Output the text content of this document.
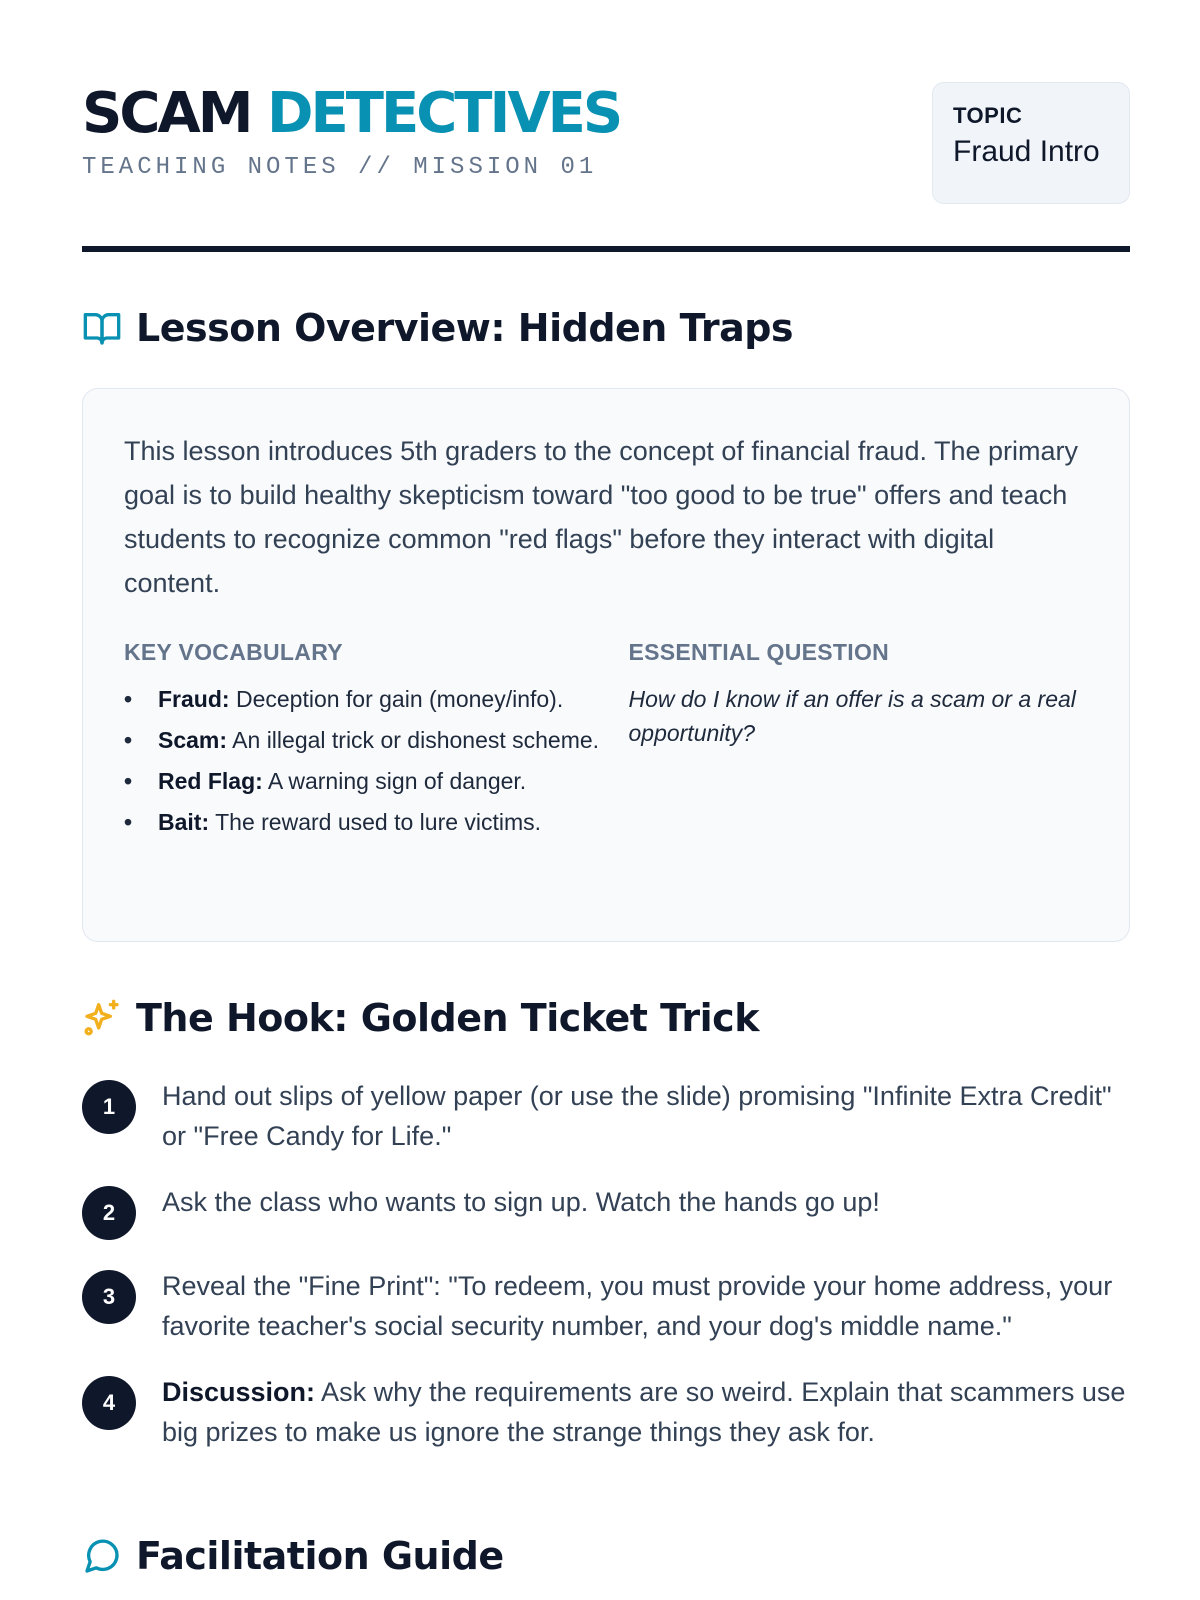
SCAM DETECTIVES
TEACHING NOTES // MISSION 01
TOPIC
Fraud Intro
Lesson Overview: Hidden Traps

This lesson introduces 5th graders to the concept of financial fraud. The primary goal is to build healthy skepticism toward "too good to be true" offers and teach students to recognize common "red flags" before they interact with digital content.

KEY VOCABULARY
• Fraud: Deception for gain (money/info).
• Scam: An illegal trick or dishonest scheme.
• Red Flag: A warning sign of danger.
• Bait: The reward used to lure victims.
ESSENTIAL QUESTION

How do I know if an offer is a scam or a real opportunity?

The Hook: Golden Ticket Trick
1	Hand out slips of yellow paper (or use the slide) promising "Infinite Extra Credit" or "Free Candy for Life."
2	Ask the class who wants to sign up. Watch the hands go up!
3	Reveal the "Fine Print": "To redeem, you must provide your home address, your favorite teacher's social security number, and your dog's middle name."
4	Discussion: Ask why the requirements are so weird. Explain that scammers use big prizes to make us ignore the strange things they ask for.
Facilitation Guide
